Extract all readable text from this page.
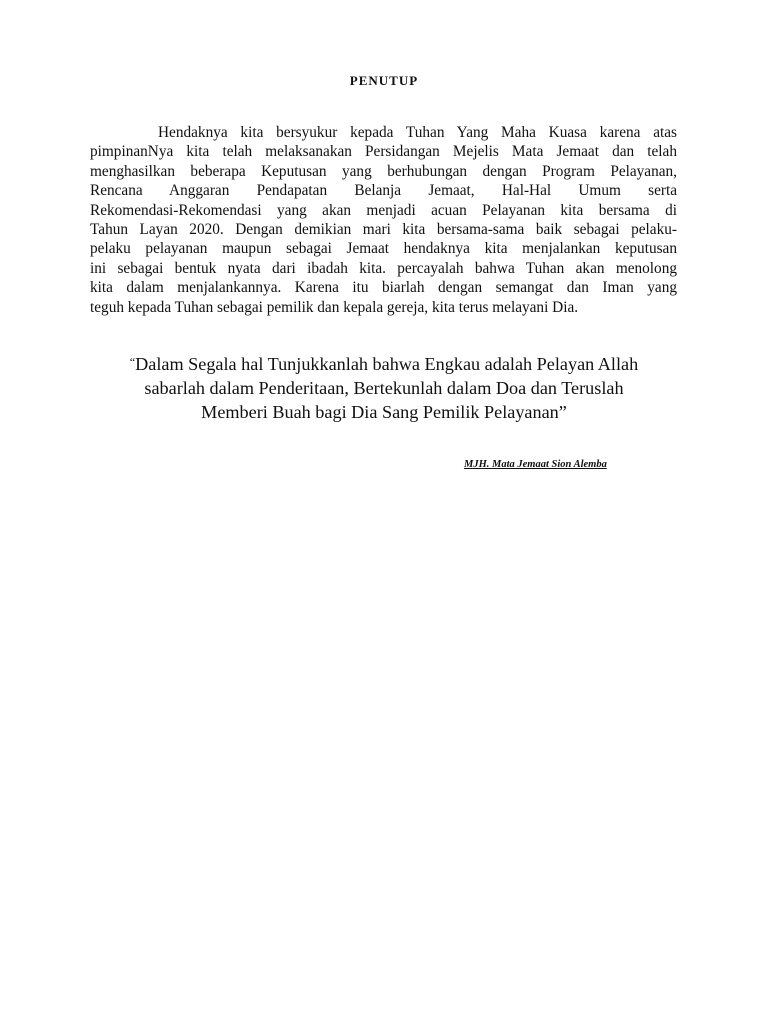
PENUTUP
Hendaknya kita bersyukur kepada Tuhan Yang Maha Kuasa karena atas
pimpinanNya kita telah melaksanakan Persidangan Mejelis Mata Jemaat dan telah
menghasilkan beberapa Keputusan yang berhubungan dengan Program Pelayanan,
Rencana Anggaran Pendapatan Belanja Jemaat, Hal-Hal Umum serta
Rekomendasi-Rekomendasi yang akan menjadi acuan Pelayanan kita bersama di
Tahun Layan 2020. Dengan demikian mari kita bersama-sama baik sebagai pelaku-
pelaku pelayanan maupun sebagai Jemaat hendaknya kita menjalankan keputusan
ini sebagai bentuk nyata dari ibadah kita. percayalah bahwa Tuhan akan menolong
kita dalam menjalankannya. Karena itu biarlah dengan semangat dan Iman yang
teguh kepada Tuhan sebagai pemilik dan kepala gereja, kita terus melayani Dia.
“Dalam Segala hal Tunjukkanlah bahwa Engkau adalah Pelayan Allah
sabarlah dalam Penderitaan, Bertekunlah dalam Doa dan Teruslah
Memberi Buah bagi Dia Sang Pemilik Pelayanan”
MJH. Mata Jemaat Sion Alemba
